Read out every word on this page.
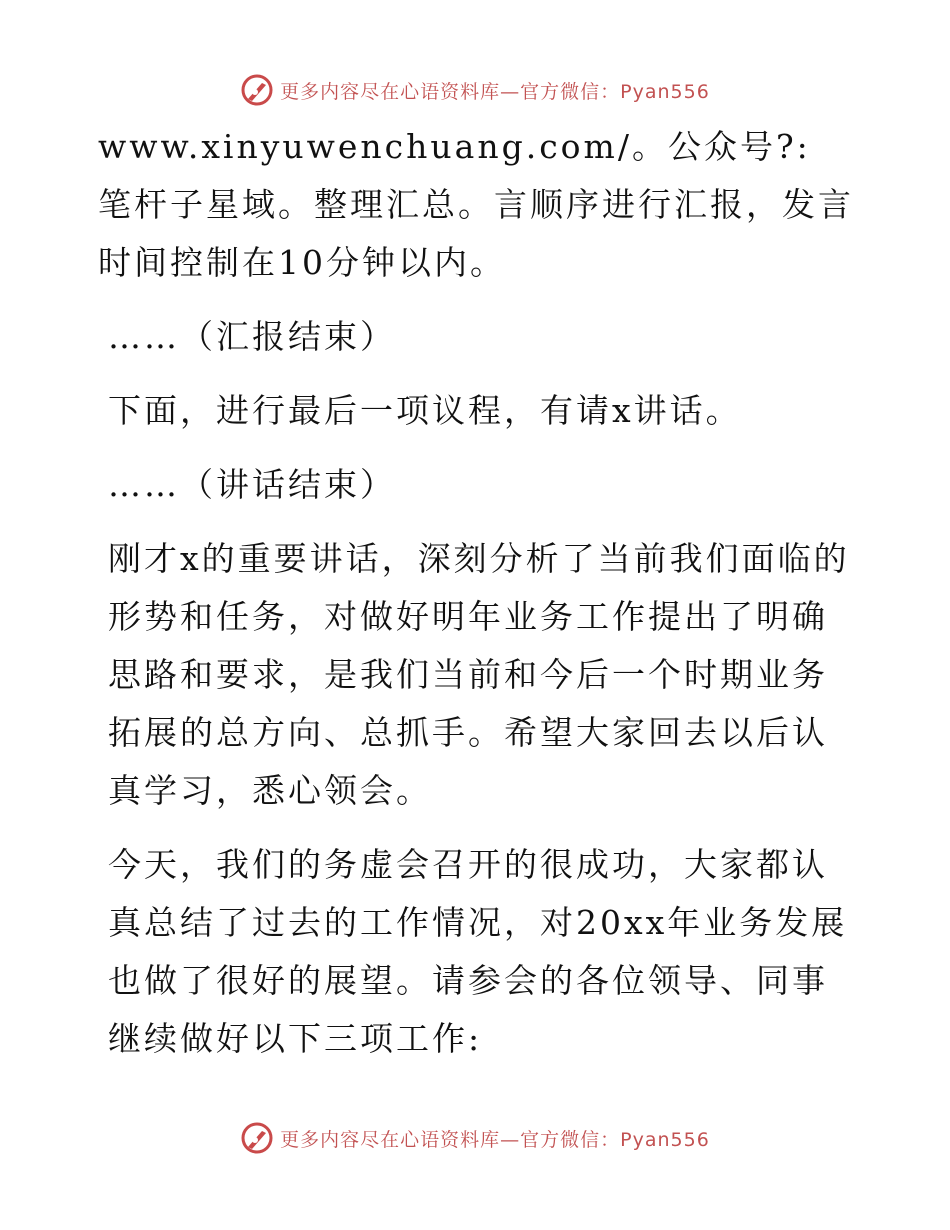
更多内容尽在心语资料库—官方微信：Pyan556

www.xinyuwenchuang.com/。公众号?: 笔杆子星域。整理汇总。言顺序进行汇报，发言时间控制在10分钟以内。

……（汇报结束）

下面，进行最后一项议程，有请x讲话。

……（讲话结束）

刚才x的重要讲话，深刻分析了当前我们面临的形势和任务，对做好明年业务工作提出了明确思路和要求，是我们当前和今后一个时期业务拓展的总方向、总抓手。希望大家回去以后认真学习，悉心领会。

今天，我们的务虚会召开的很成功，大家都认真总结了过去的工作情况，对20xx年业务发展也做了很好的展望。请参会的各位领导、同事继续做好以下三项工作:

更多内容尽在心语资料库—官方微信：Pyan556
